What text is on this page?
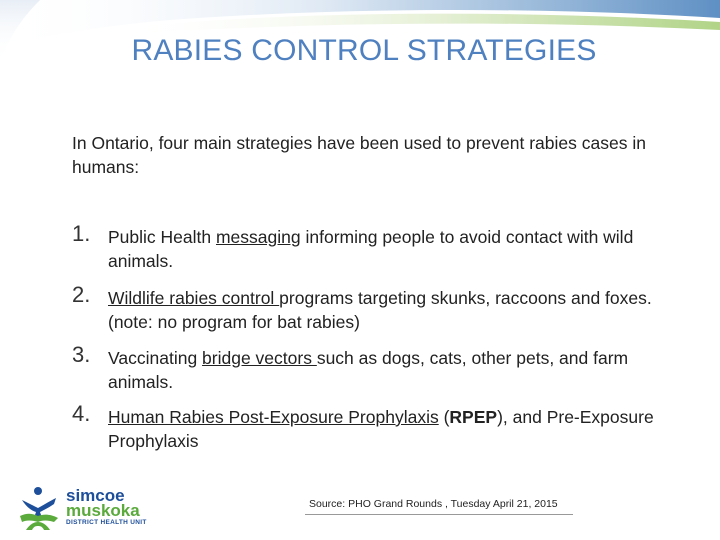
RABIES CONTROL STRATEGIES
In Ontario, four main strategies have been used to prevent rabies cases in humans:
1. Public Health messaging informing people to avoid contact with wild animals.
2. Wildlife rabies control programs targeting skunks, raccoons and foxes. (note: no program for bat rabies)
3. Vaccinating bridge vectors such as dogs, cats, other pets, and farm animals.
4. Human Rabies Post-Exposure Prophylaxis (RPEP), and Pre-Exposure Prophylaxis
simcoe
muskoka
DISTRICT HEALTH UNIT
Source: PHO Grand Rounds , Tuesday April 21, 2015
